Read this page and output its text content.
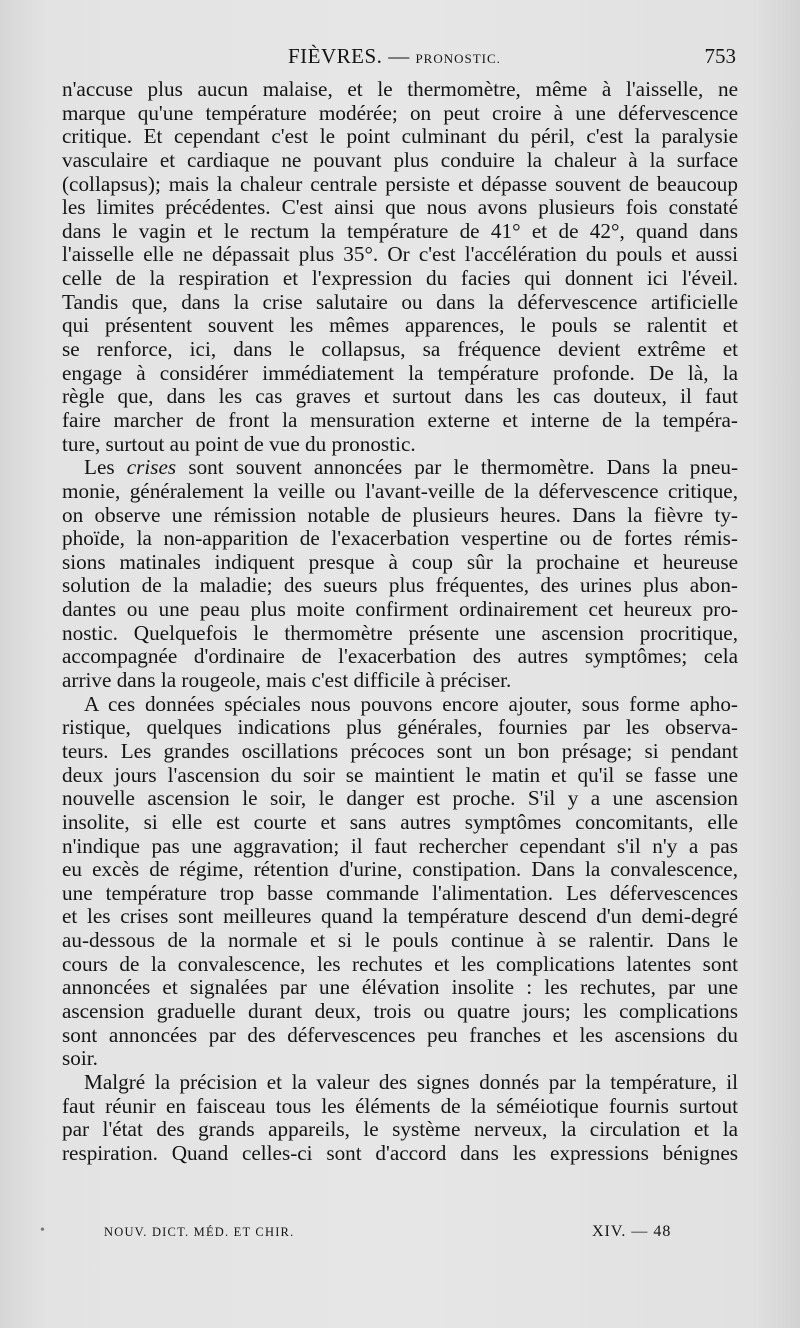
FIÈVRES. — PRONOSTIC.	753
n'accuse plus aucun malaise, et le thermomètre, même à l'aisselle, ne
marque qu'une température modérée; on peut croire à une défervescence
critique. Et cependant c'est le point culminant du péril, c'est la paralysie
vasculaire et cardiaque ne pouvant plus conduire la chaleur à la surface
(collapsus); mais la chaleur centrale persiste et dépasse souvent de beaucoup
les limites précédentes. C'est ainsi que nous avons plusieurs fois constaté
dans le vagin et le rectum la température de 41° et de 42°, quand dans
l'aisselle elle ne dépassait plus 35°. Or c'est l'accélération du pouls et aussi
celle de la respiration et l'expression du facies qui donnent ici l'éveil.
Tandis que, dans la crise salutaire ou dans la défervescence artificielle
qui présentent souvent les mêmes apparences, le pouls se ralentit et
se renforce, ici, dans le collapsus, sa fréquence devient extrême et
engage à considérer immédiatement la température profonde. De là, la
règle que, dans les cas graves et surtout dans les cas douteux, il faut
faire marcher de front la mensuration externe et interne de la tempéra-
ture, surtout au point de vue du pronostic.
Les crises sont souvent annoncées par le thermomètre. Dans la pneu-
monie, généralement la veille ou l'avant-veille de la défervescence critique,
on observe une rémission notable de plusieurs heures. Dans la fièvre ty-
phoïde, la non-apparition de l'exacerbation vespertine ou de fortes rémis-
sions matinales indiquent presque à coup sûr la prochaine et heureuse
solution de la maladie; des sueurs plus fréquentes, des urines plus abon-
dantes ou une peau plus moite confirment ordinairement cet heureux pro-
nostic. Quelquefois le thermomètre présente une ascension procritique,
accompagnée d'ordinaire de l'exacerbation des autres symptômes; cela
arrive dans la rougeole, mais c'est difficile à préciser.
A ces données spéciales nous pouvons encore ajouter, sous forme apho-
ristique, quelques indications plus générales, fournies par les observa-
teurs. Les grandes oscillations précoces sont un bon présage; si pendant
deux jours l'ascension du soir se maintient le matin et qu'il se fasse une
nouvelle ascension le soir, le danger est proche. S'il y a une ascension
insolite, si elle est courte et sans autres symptômes concomitants, elle
n'indique pas une aggravation; il faut rechercher cependant s'il n'y a pas
eu excès de régime, rétention d'urine, constipation. Dans la convalescence,
une température trop basse commande l'alimentation. Les défervescences
et les crises sont meilleures quand la température descend d'un demi-degré
au-dessous de la normale et si le pouls continue à se ralentir. Dans le
cours de la convalescence, les rechutes et les complications latentes sont
annoncées et signalées par une élévation insolite : les rechutes, par une
ascension graduelle durant deux, trois ou quatre jours; les complications
sont annoncées par des défervescences peu franches et les ascensions du
soir.
Malgré la précision et la valeur des signes donnés par la température, il
faut réunir en faisceau tous les éléments de la séméiotique fournis surtout
par l'état des grands appareils, le système nerveux, la circulation et la
respiration. Quand celles-ci sont d'accord dans les expressions bénignes
•	NOUV. DICT. MÉD. ET CHIR.	XIV. — 48
